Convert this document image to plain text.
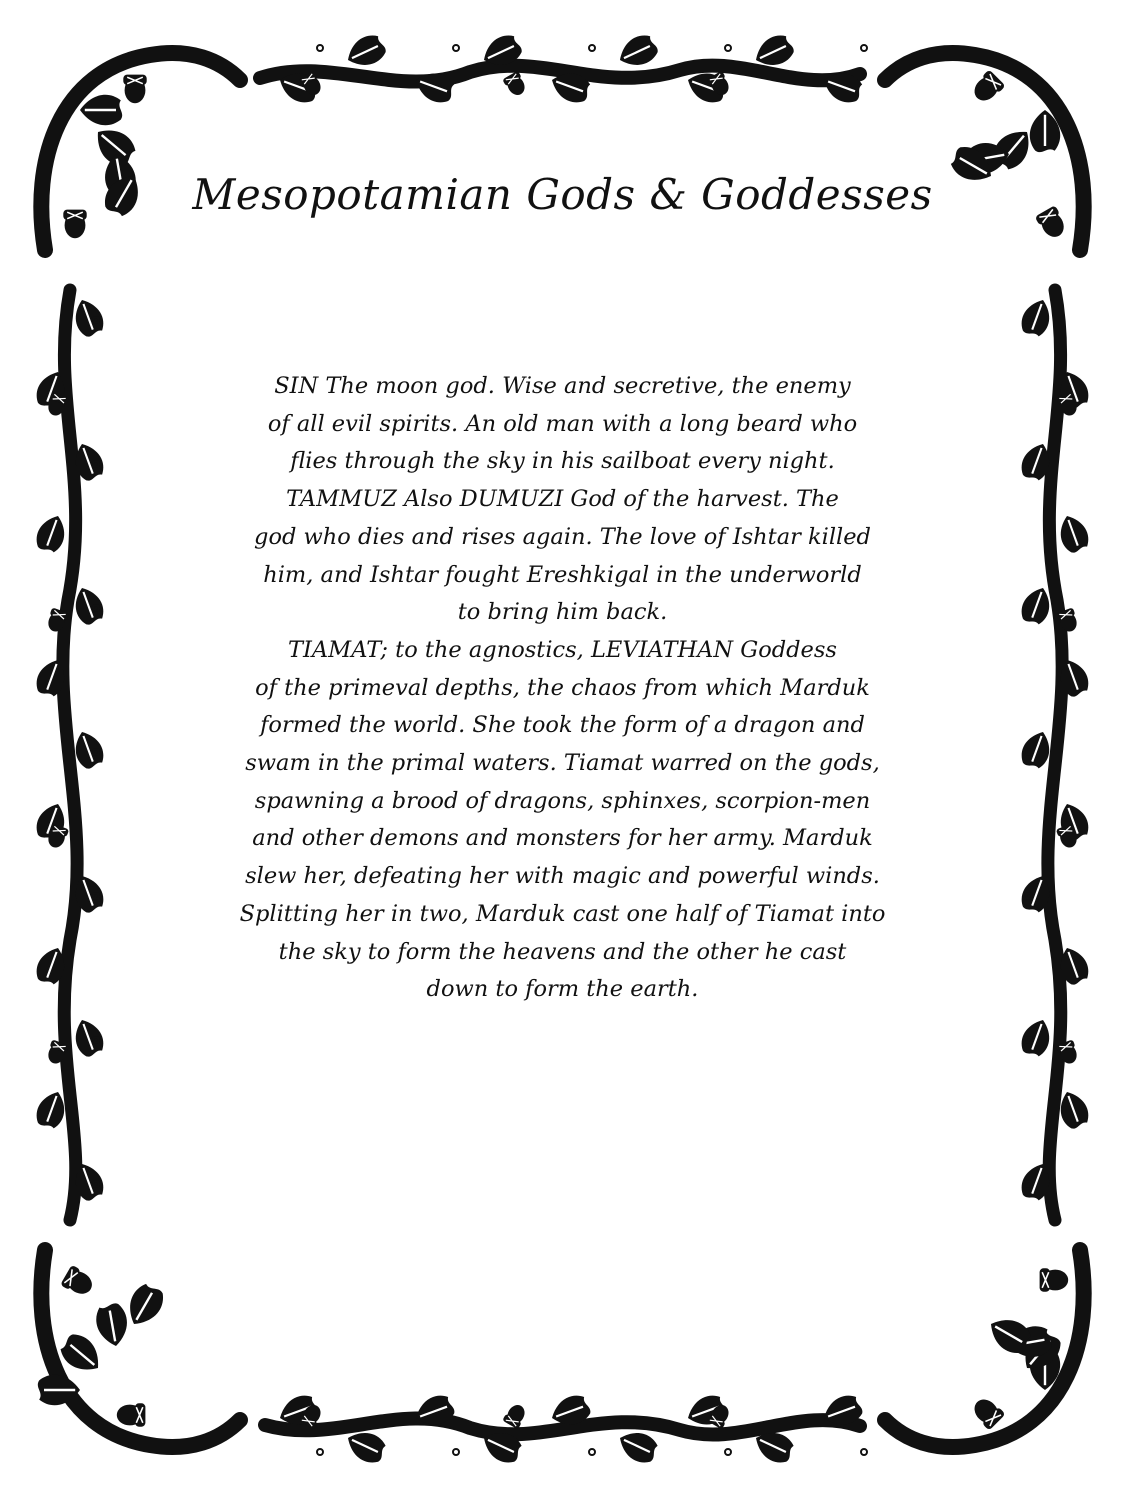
Mesopotamian Gods & Goddesses
SIN The moon god. Wise and secretive, the enemy
of all evil spirits. An old man with a long beard who
flies through the sky in his sailboat every night.
TAMMUZ Also DUMUZI God of the harvest. The
god who dies and rises again. The love of Ishtar killed
him, and Ishtar fought Ereshkigal in the underworld
to bring him back.
TIAMAT; to the agnostics, LEVIATHAN Goddess
of the primeval depths, the chaos from which Marduk
formed the world. She took the form of a dragon and
swam in the primal waters. Tiamat warred on the gods,
spawning a brood of dragons, sphinxes, scorpion-men
and other demons and monsters for her army. Marduk
slew her, defeating her with magic and powerful winds.
Splitting her in two, Marduk cast one half of Tiamat into
the sky to form the heavens and the other he cast
down to form the earth.
